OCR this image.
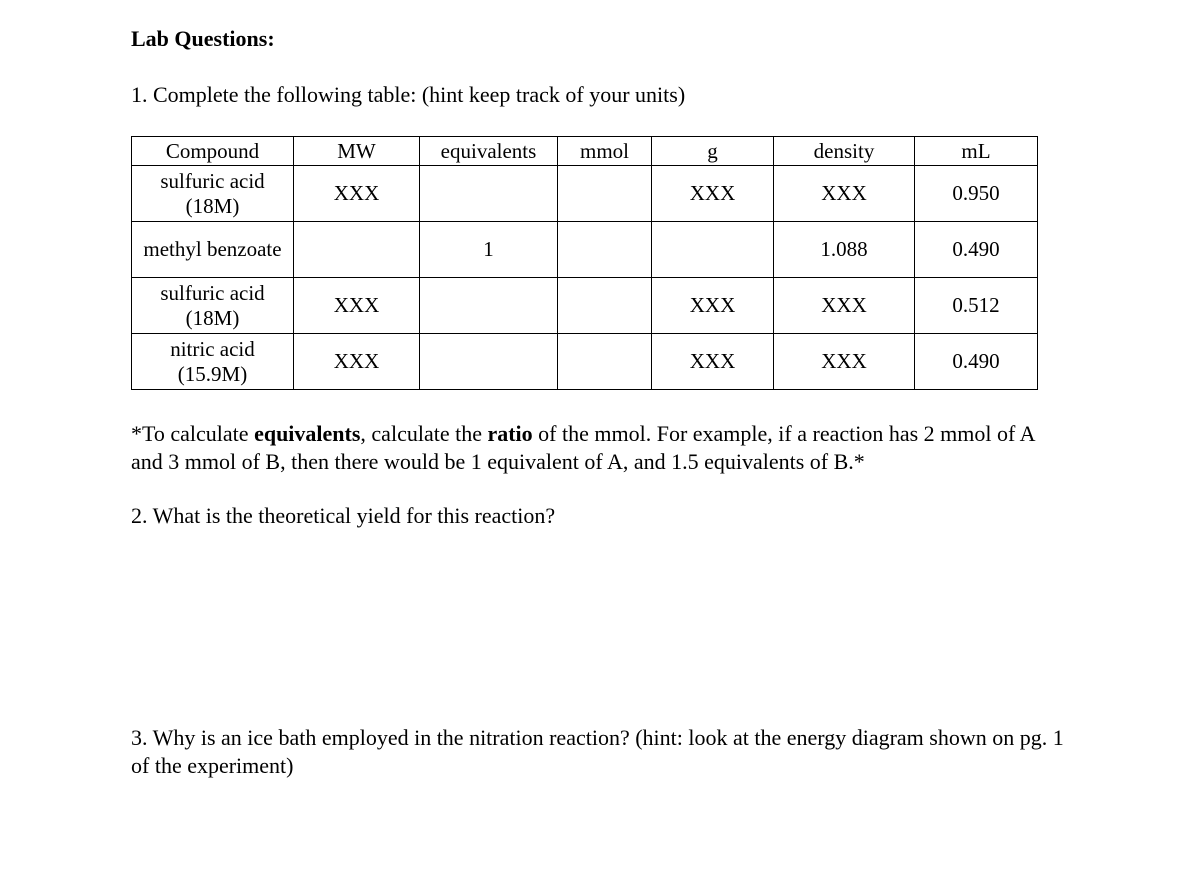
Lab Questions:

1. Complete the following table: (hint keep track of your units)

Compound	MW	equivalents	mmol	g	density	mL
sulfuric acid (18M)	XXX			XXX	XXX	0.950
methyl benzoate		1			1.088	0.490
sulfuric acid (18M)	XXX			XXX	XXX	0.512
nitric acid (15.9M)	XXX			XXX	XXX	0.490

*To calculate equivalents, calculate the ratio of the mmol. For example, if a reaction has 2 mmol of A and 3 mmol of B, then there would be 1 equivalent of A, and 1.5 equivalents of B.*

2. What is the theoretical yield for this reaction?

3. Why is an ice bath employed in the nitration reaction? (hint: look at the energy diagram shown on pg. 1 of the experiment)
